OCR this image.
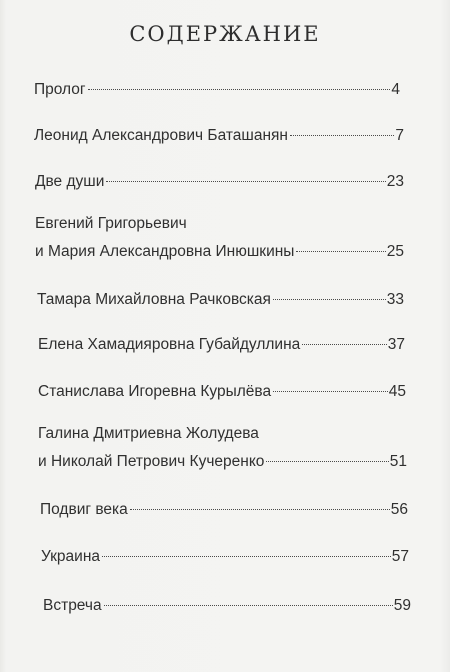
СОДЕРЖАНИЕ
Пролог	4
Леонид Александрович Баташанян	7
Две души	23
Евгений Григорьевич
и Мария Александровна Инюшкины	25
Тамара Михайловна Рачковская	33
Елена Хамадияровна Губайдуллина	37
Станислава Игоревна Курылёва	45
Галина Дмитриевна Жолудева
и Николай Петрович Кучеренко	51
Подвиг века	56
Украина	57
Встреча	59
